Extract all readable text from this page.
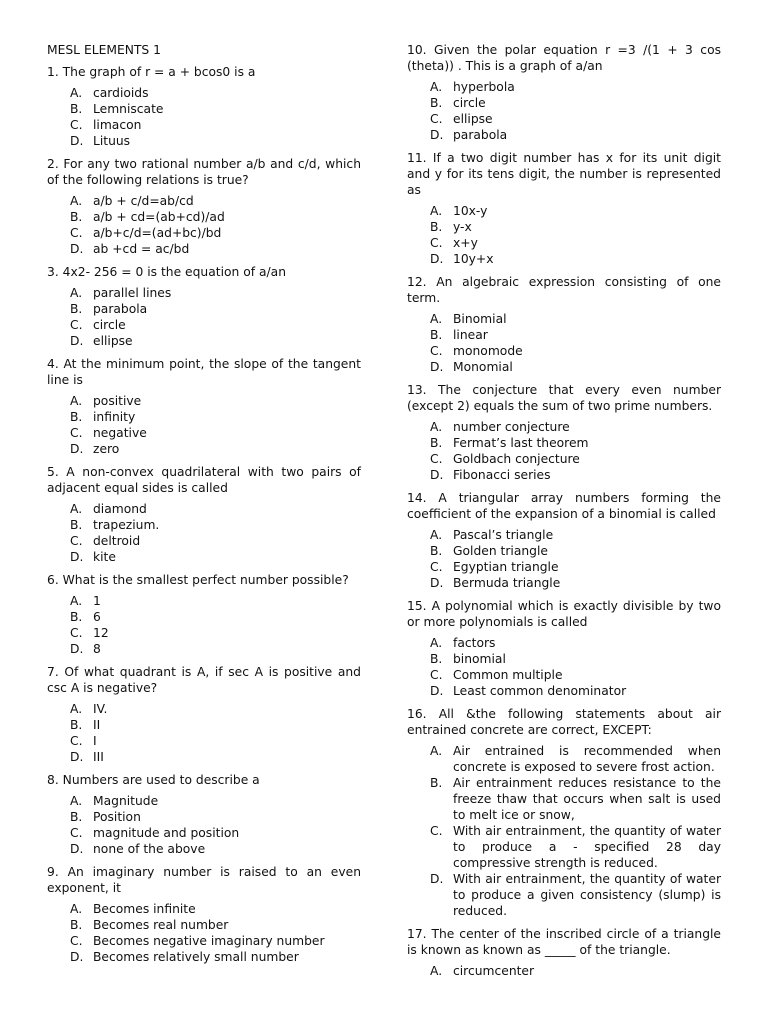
MESL ELEMENTS 1
1. The graph of r = a + bcos0 is a
A. cardioids
B. Lemniscate
C. limacon
D. Lituus
2. For any two rational number a/b and c/d, which of the following relations is true?
A. a/b + c/d=ab/cd
B. a/b + cd=(ab+cd)/ad
C. a/b+c/d=(ad+bc)/bd
D. ab +cd = ac/bd
3. 4x2- 256 = 0 is the equation of a/an
A. parallel lines
B. parabola
C. circle
D. ellipse
4. At the minimum point, the slope of the tangent line is
A. positive
B. infinity
C. negative
D. zero
5. A non-convex quadrilateral with two pairs of adjacent equal sides is called
A. diamond
B. trapezium.
C. deltroid
D. kite
6. What is the smallest perfect number possible?
A. 1
B. 6
C. 12
D. 8
7. Of what quadrant is A, if sec A is positive and csc A is negative?
A. IV.
B. II
C. I
D. III
8. Numbers are used to describe a
A. Magnitude
B. Position
C. magnitude and position
D. none of the above
9. An imaginary number is raised to an even exponent, it
A. Becomes infinite
B. Becomes real number
C. Becomes negative imaginary number
D. Becomes relatively small number
10. Given the polar equation r =3 /(1 + 3 cos (theta)) . This is a graph of a/an
A. hyperbola
B. circle
C. ellipse
D. parabola
11. If a two digit number has x for its unit digit and y for its tens digit, the number is represented as
A. 10x-y
B. y-x
C. x+y
D. 10y+x
12. An algebraic expression consisting of one term.
A. Binomial
B. linear
C. monomode
D. Monomial
13. The conjecture that every even number (except 2) equals the sum of two prime numbers.
A. number conjecture
B. Fermat’s last theorem
C. Goldbach conjecture
D. Fibonacci series
14. A triangular array numbers forming the coefficient of the expansion of a binomial is called
A. Pascal’s triangle
B. Golden triangle
C. Egyptian triangle
D. Bermuda triangle
15. A polynomial which is exactly divisible by two or more polynomials is called
A. factors
B. binomial
C. Common multiple
D. Least common denominator
16. All &the following statements about air entrained concrete are correct, EXCEPT:
A. Air entrained is recommended when concrete is exposed to severe frost action.
B. Air entrainment reduces resistance to the freeze thaw that occurs when salt is used to melt ice or snow,
C. With air entrainment, the quantity of water to produce a - specified 28 day compressive strength is reduced.
D. With air entrainment, the quantity of water to produce a given consistency (slump) is reduced.
17. The center of the inscribed circle of a triangle is known as known as _____ of the triangle.
A. circumcenter
